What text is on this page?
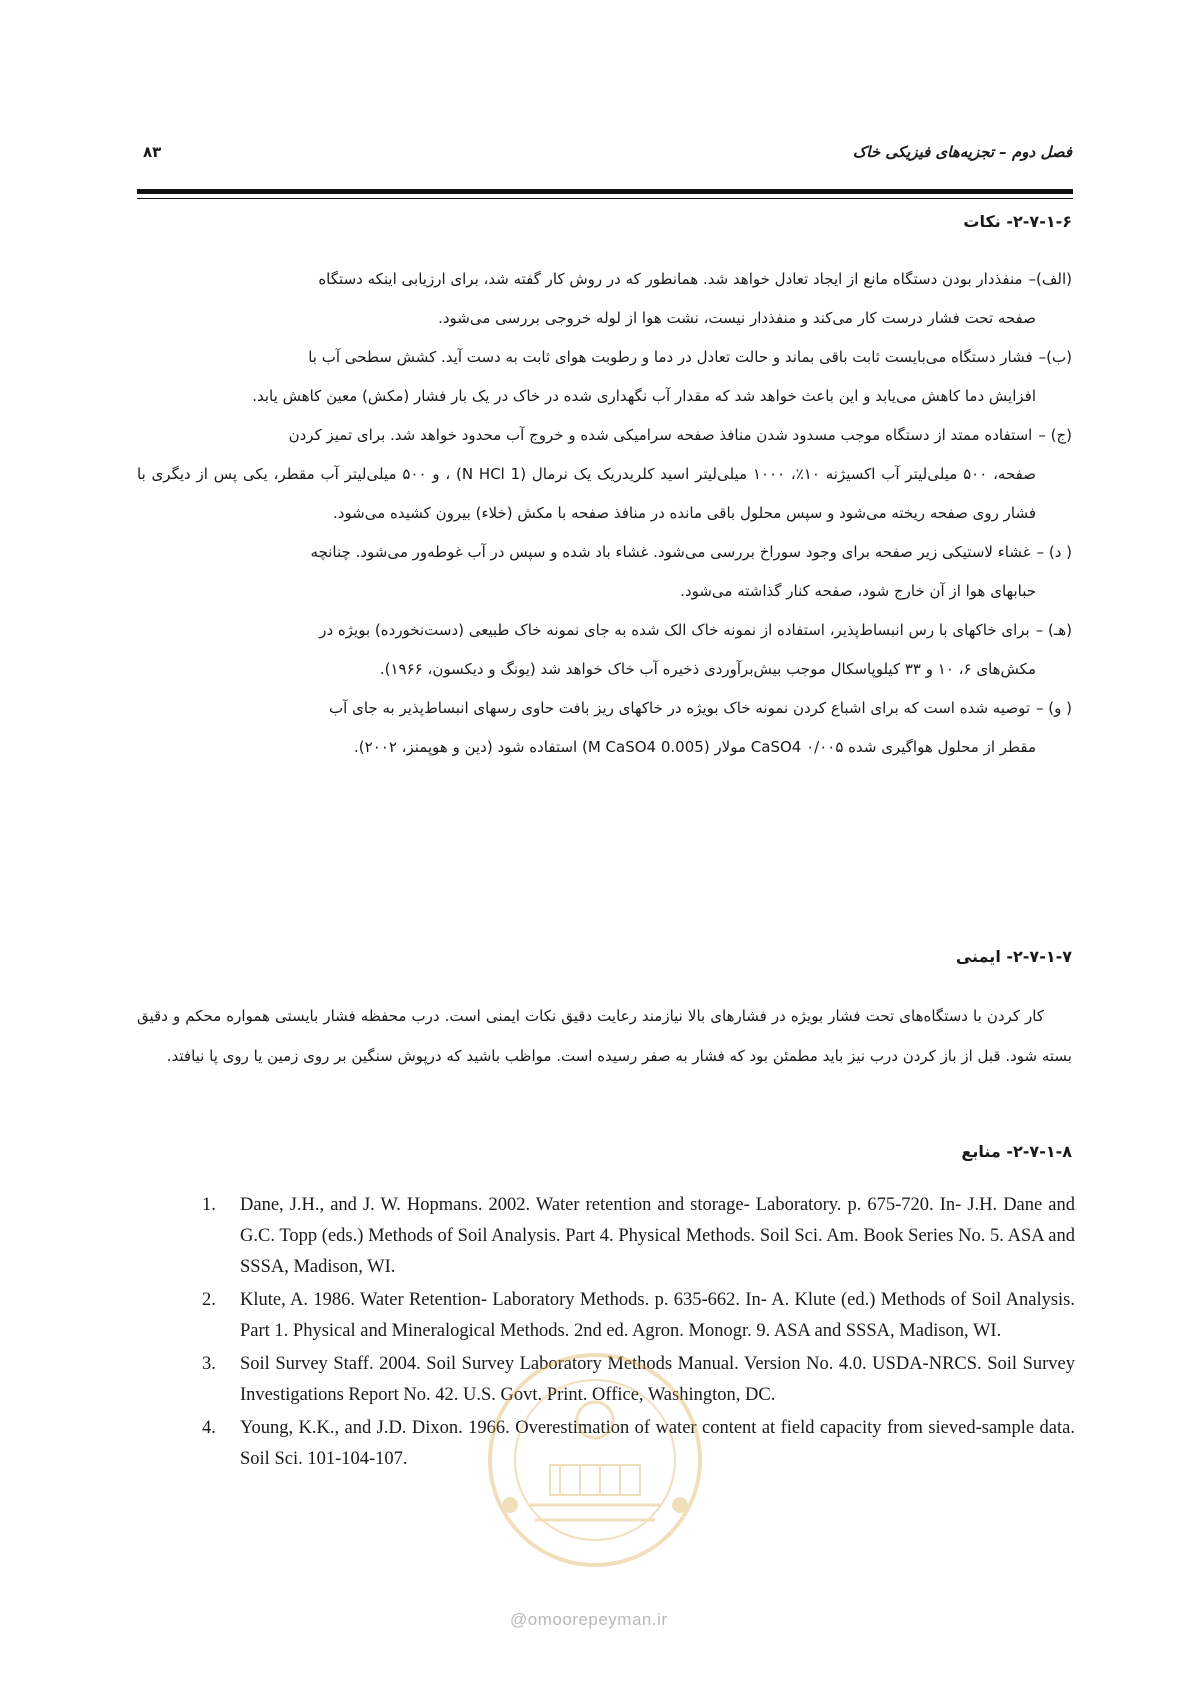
فصل دوم – تجزیه‌های فیزیکی خاک
۸۳
۲-۷-۱-۶- نکات
(الف)–منفذدار بودن دستگاه مانع از ایجاد تعادل خواهد شد. همانطور که در روش کار گفته شد، برای ارزیابی اینکه دستگاه
صفحه تحت فشار درست کار می‌کند و منفذدار نیست، نشت هوا از لوله خروجی بررسی می‌شود.
(ب)–فشار دستگاه می‌بایست ثابت باقی بماند و حالت تعادل در دما و رطوبت هوای ثابت به دست آید. کشش سطحی آب با
افزایش دما کاهش می‌یابد و این باعث خواهد شد که مقدار آب نگهداری شده در خاک در یک بار فشار (مکش) معین کاهش یابد.
(ج) –استفاده ممتد از دستگاه موجب مسدود شدن منافذ صفحه سرامیکی شده و خروج آب محدود خواهد شد. برای تمیز کردن
صفحه، ۵۰۰ میلی‌لیتر آب اکسیژنه ۱۰٪، ۱۰۰۰ میلی‌لیتر اسید کلریدریک یک نرمال (1 N HCl) ، و ۵۰۰ میلی‌لیتر آب مقطر، یکی پس از دیگری با فشار روی صفحه ریخته می‌شود و سپس محلول باقی مانده در منافذ صفحه با مکش (خلاء) بیرون کشیده می‌شود.
( د) –غشاء لاستیکی زیر صفحه برای وجود سوراخ بررسی می‌شود. غشاء باد شده و سپس در آب غوطه‌ور می‌شود. چنانچه
حبابهای هوا از آن خارج شود، صفحه کنار گذاشته می‌شود.
(هـ) –برای خاکهای با رس انبساط‌پذیر، استفاده از نمونه خاک الک شده به جای نمونه خاک طبیعی (دست‌نخورده) بویژه در
مکش‌های ۶، ۱۰ و ۳۳ کیلوپاسکال موجب بیش‌برآوردی ذخیره آب خاک خواهد شد (یونگ و دیکسون، ۱۹۶۶).
( و) –توصیه شده است که برای اشباع کردن نمونه خاک بویژه در خاکهای ریز بافت حاوی رسهای انبساط‌پذیر به جای آب
مقطر از محلول هواگیری شده CaSO4 ۰/۰۰۵ مولار (0.005 M CaSO4) استفاده شود (دین و هوپمنز، ۲۰۰۲).
۲-۷-۱-۷- ایمنی

کار کردن با دستگاه‌های تحت فشار بویژه در فشارهای بالا نیازمند رعایت دقیق نکات ایمنی است. درب محفظه فشار بایستی همواره محکم و دقیق بسته شود. قبل از باز کردن درب نیز باید مطمئن بود که فشار به صفر رسیده است. مواظب باشید که درپوش سنگین بر روی زمین یا روی پا نیافتد.

۲-۷-۱-۸- منابع
1. Dane, J.H., and J. W. Hopmans. 2002. Water retention and storage- Laboratory. p. 675-720. In- J.H. Dane and G.C. Topp (eds.) Methods of Soil Analysis. Part 4. Physical Methods. Soil Sci. Am. Book Series No. 5. ASA and SSSA, Madison, WI.
2. Klute, A. 1986. Water Retention- Laboratory Methods. p. 635-662. In- A. Klute (ed.) Methods of Soil Analysis. Part 1. Physical and Mineralogical Methods. 2nd ed. Agron. Monogr. 9. ASA and SSSA, Madison, WI.
3. Soil Survey Staff. 2004. Soil Survey Laboratory Methods Manual. Version No. 4.0. USDA-NRCS. Soil Survey Investigations Report No. 42. U.S. Govt. Print. Office, Washington, DC.
4. Young, K.K., and J.D. Dixon. 1966. Overestimation of water content at field capacity from sieved-sample data. Soil Sci. 101-104-107.
@omoorepeyman.ir
